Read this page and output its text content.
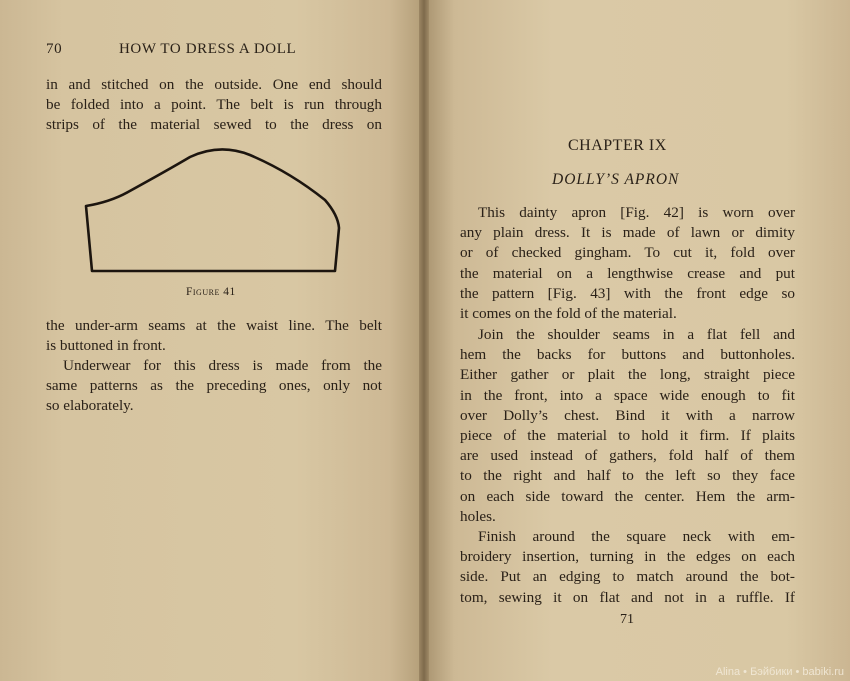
70	HOW TO DRESS A DOLL
in and stitched on the outside. One end should
be folded into a point. The belt is run through
strips of the material sewed to the dress on
Figure 41
the under-arm seams at the waist line. The belt
is buttoned in front.
Underwear for this dress is made from the
same patterns as the preceding ones, only not
so elaborately.
CHAPTER IX
DOLLY’S APRON
This dainty apron [Fig. 42] is worn over
any plain dress. It is made of lawn or dimity
or of checked gingham. To cut it, fold over
the material on a lengthwise crease and put
the pattern [Fig. 43] with the front edge so
it comes on the fold of the material.
Join the shoulder seams in a flat fell and
hem the backs for buttons and buttonholes.
Either gather or plait the long, straight piece
in the front, into a space wide enough to fit
over Dolly’s chest. Bind it with a narrow
piece of the material to hold it firm. If plaits
are used instead of gathers, fold half of them
to the right and half to the left so they face
on each side toward the center. Hem the arm-
holes.
Finish around the square neck with em-
broidery insertion, turning in the edges on each
side. Put an edging to match around the bot-
tom, sewing it on flat and not in a ruffle. If
71
Alina • Бэйбики • babiki.ru
